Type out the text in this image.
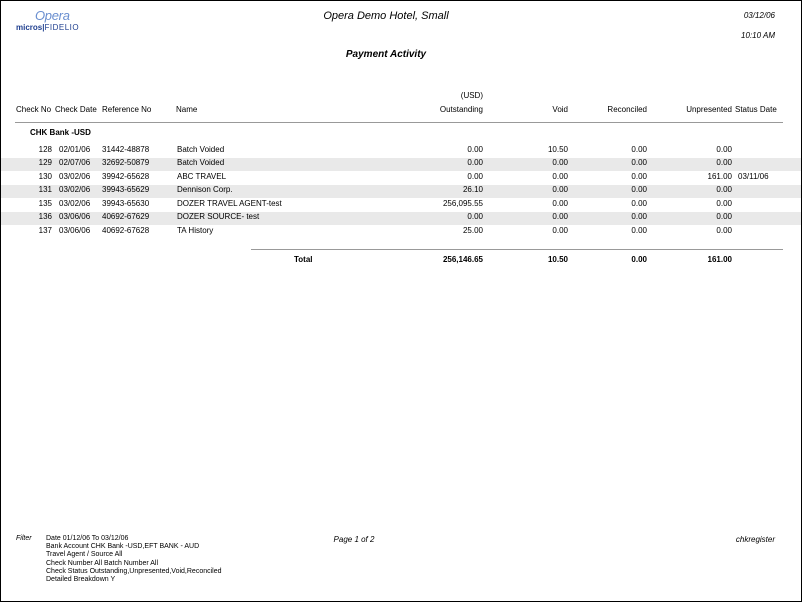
Opera
micros|FIDELIO
Opera Demo Hotel, Small	03/12/06
10:10 AM
Payment Activity
Check No Check Date Reference No	Name
(USD)
Outstanding	Void	Reconciled	Unpresented Status Date
CHK Bank -USD
128 02/01/06 31442-48878	Batch Voided	0.00	10.50	0.00	0.00
129 02/07/06 32692-50879	Batch Voided	0.00	0.00	0.00	0.00
130 03/02/06 39942-65628	ABC TRAVEL	0.00	0.00	0.00	161.00 03/11/06
131 03/02/06 39943-65629	Dennison Corp.	26.10	0.00	0.00	0.00
135 03/02/06 39943-65630	DOZER TRAVEL AGENT-test	256,095.55	0.00	0.00	0.00
136 03/06/06 40692-67629	DOZER SOURCE- test	0.00	0.00	0.00	0.00
137 03/06/06 40692-67628	TA History	25.00	0.00	0.00	0.00
Total	256,146.65	10.50	0.00	161.00
Filter Date 01/12/06 To 03/12/06
Bank Account CHK Bank -USD,EFT BANK - AUD
Travel Agent / Source All
Check Number All Batch Number All
Check Status Outstanding,Unpresented,Void,Reconciled
Detailed Breakdown Y
Page 1 of 2	chkregister
